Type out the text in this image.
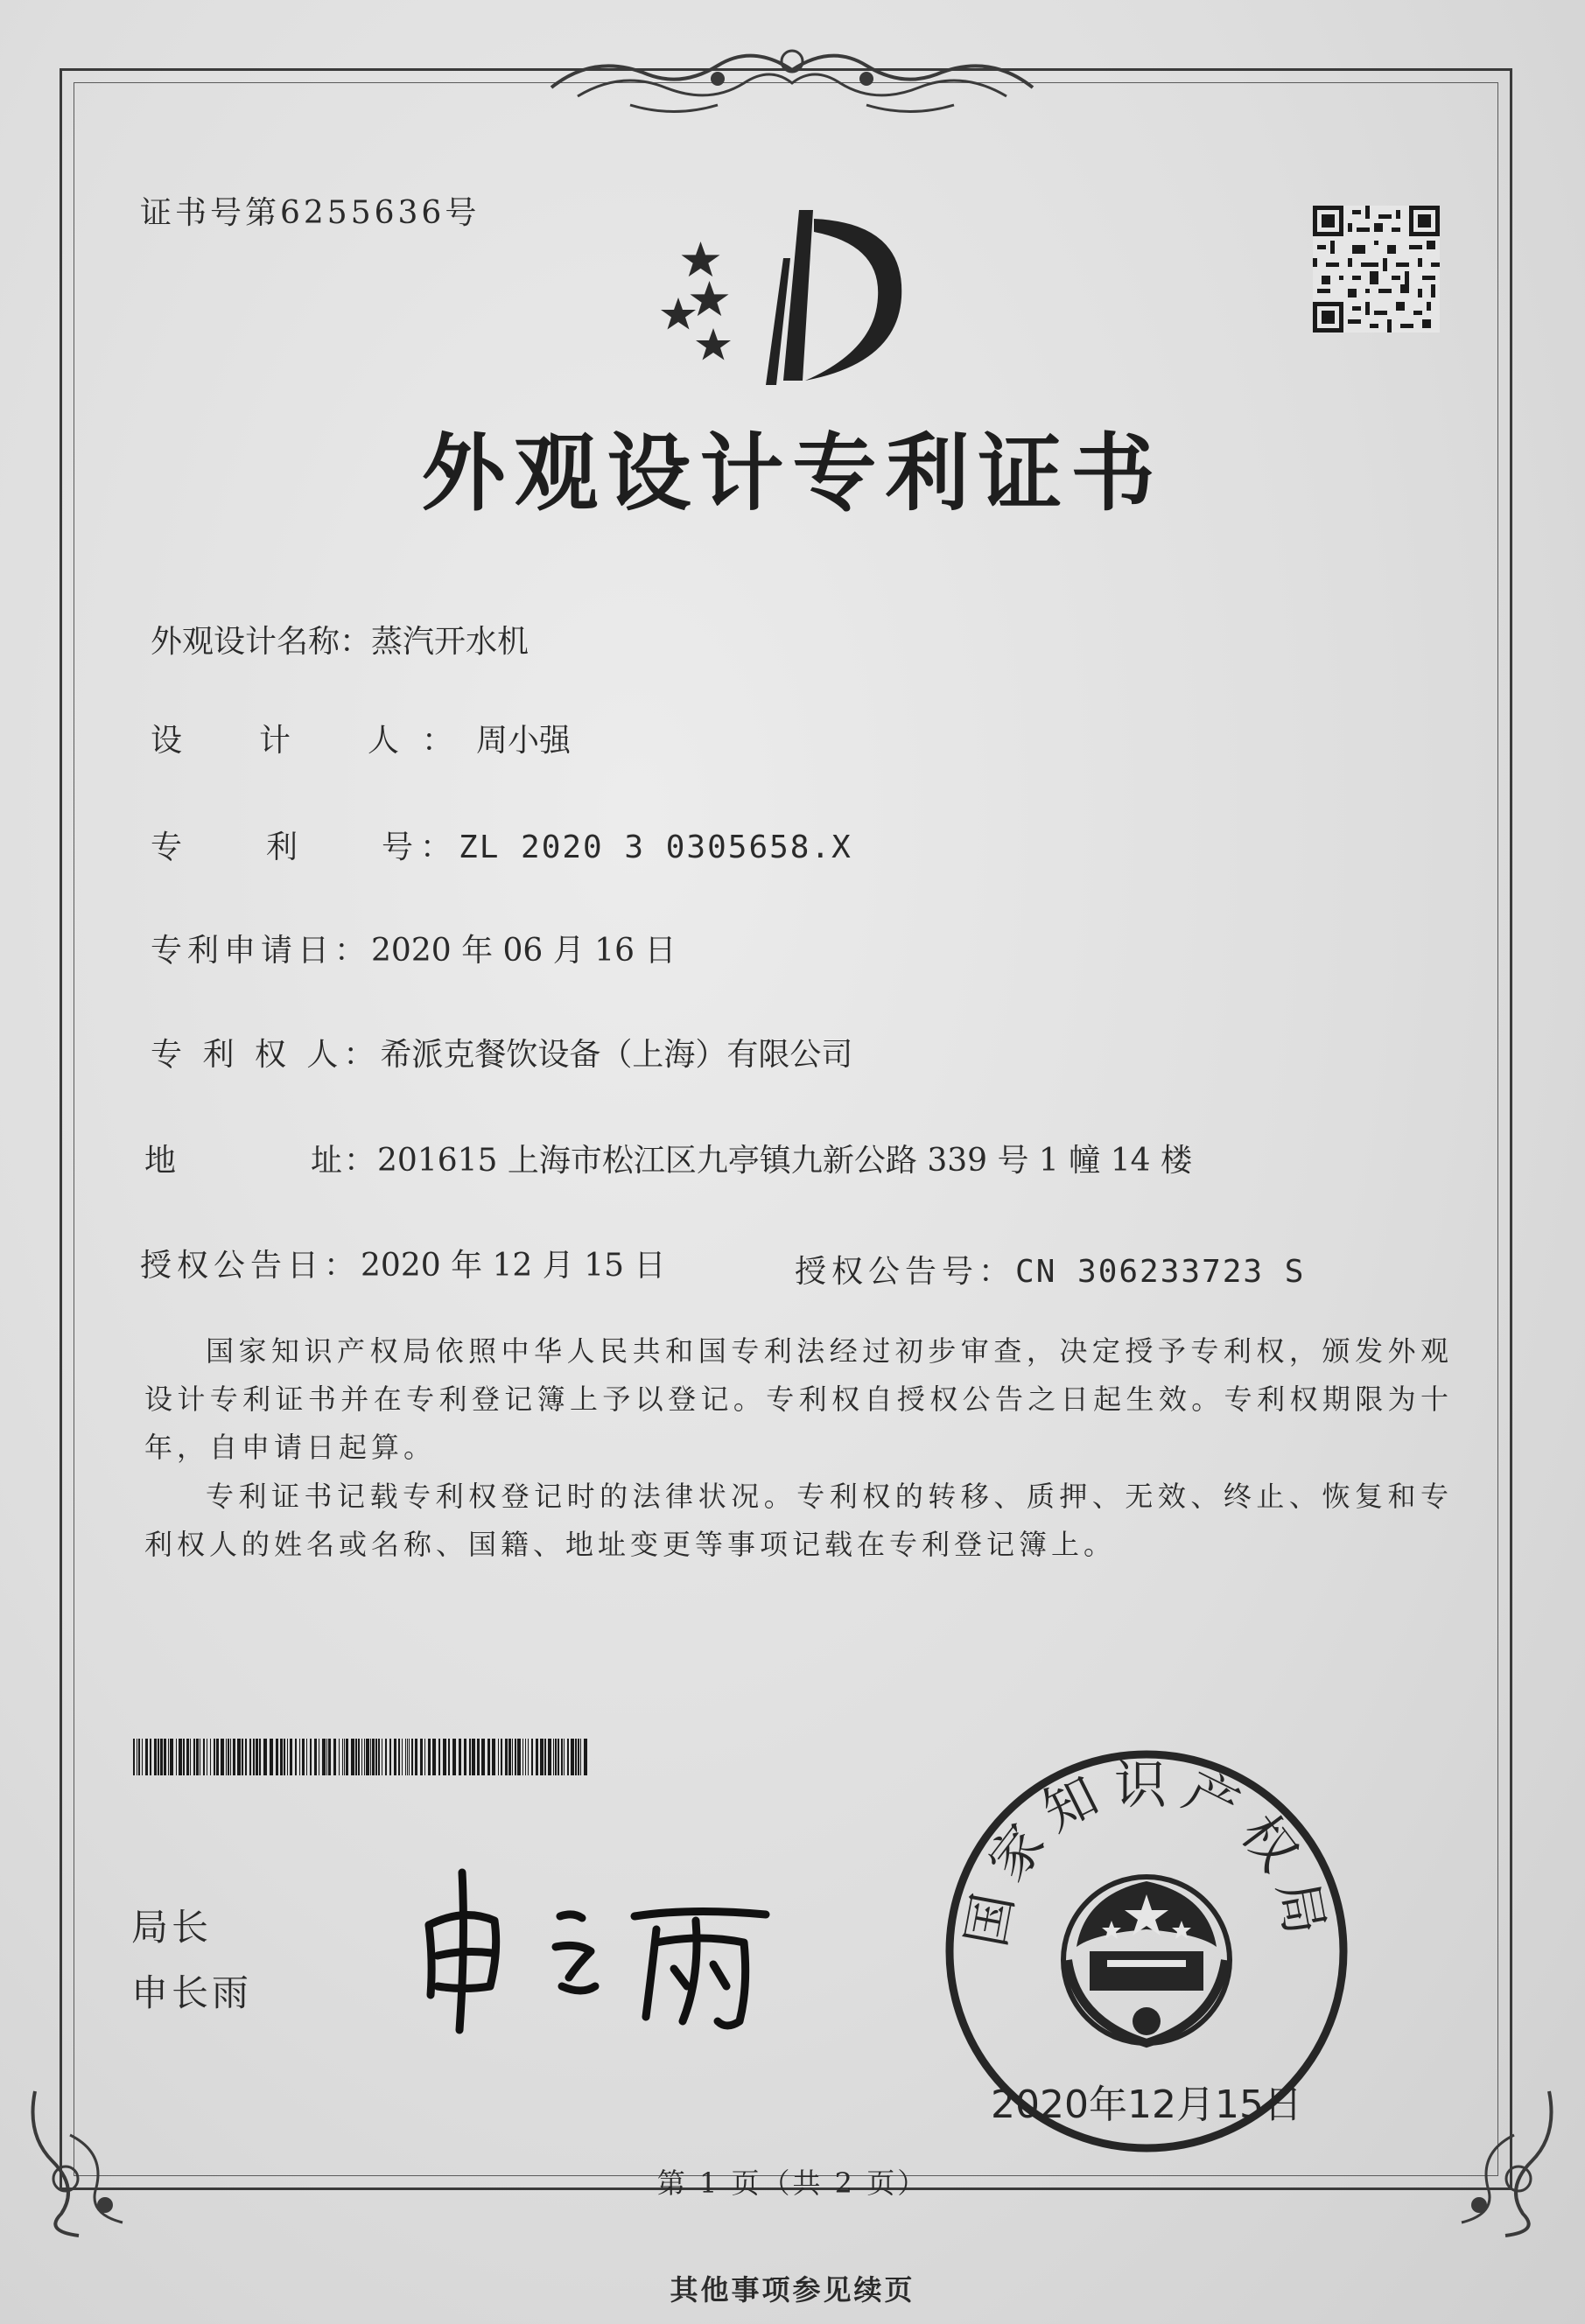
证书号第6255636号
外观设计专利证书
外观设计名称：蒸汽开水机
设　计　人：周小强
专　　利　　号：ZL 2020 3 0305658.X
专利申请日：2020 年 06 月 16 日
专 利 权 人：希派克餐饮设备（上海）有限公司
地　　　　址：201615 上海市松江区九亭镇九新公路 339 号 1 幢 14 楼
授权公告日：2020 年 12 月 15 日	授权公告号：CN 306233723 S
国家知识产权局依照中华人民共和国专利法经过初步审查，决定授予专利权，颁发外观设计专利证书并在专利登记簿上予以登记。专利权自授权公告之日起生效。专利权期限为十年，自申请日起算。
专利证书记载专利权登记时的法律状况。专利权的转移、质押、无效、终止、恢复和专利权人的姓名或名称、国籍、地址变更等事项记载在专利登记簿上。
局长
申长雨
国家知识产权局
2020年12月15日
第 1 页（共 2 页）
其他事项参见续页
